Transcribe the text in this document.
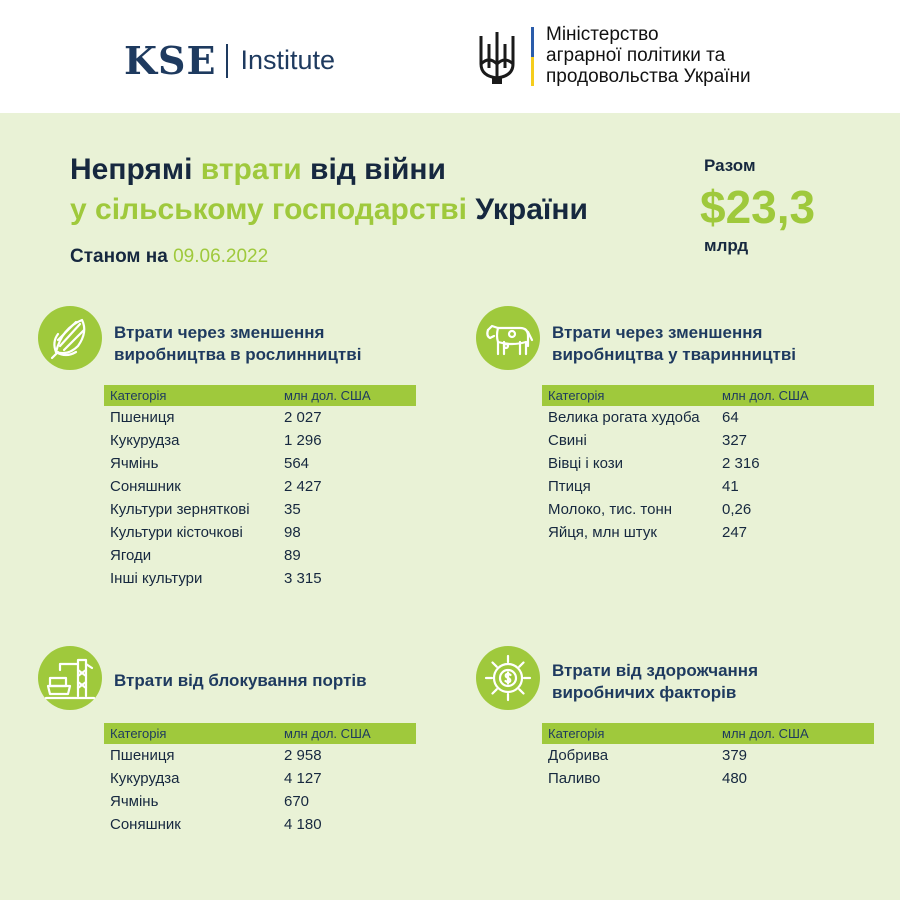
KSE Institute
Міністерство
аграрної політики та
продовольства України
Непрямі втрати від війни
у сільському господарстві України
Станом на 09.06.2022
Разом
$23,3
млрд
Втрати через зменшення
виробництва в рослинництві
Категорія	млн дол. США
Пшениця	2 027
Кукурудза	1 296
Ячмінь	564
Соняшник	2 427
Культури зерняткові	35
Культури кісточкові	98
Ягоди	89
Інші культури	3 315
Втрати через зменшення
виробництва у тваринництві
Категорія	млн дол. США
Велика рогата худоба	64
Свині	327
Вівці і кози	2 316
Птиця	41
Молоко, тис. тонн	0,26
Яйця, млн штук	247
Втрати від блокування портів
Категорія	млн дол. США
Пшениця	2 958
Кукурудза	4 127
Ячмінь	670
Соняшник	4 180
Втрати від здорожчання
виробничих факторів
Категорія	млн дол. США
Добрива	379
Паливо	480
